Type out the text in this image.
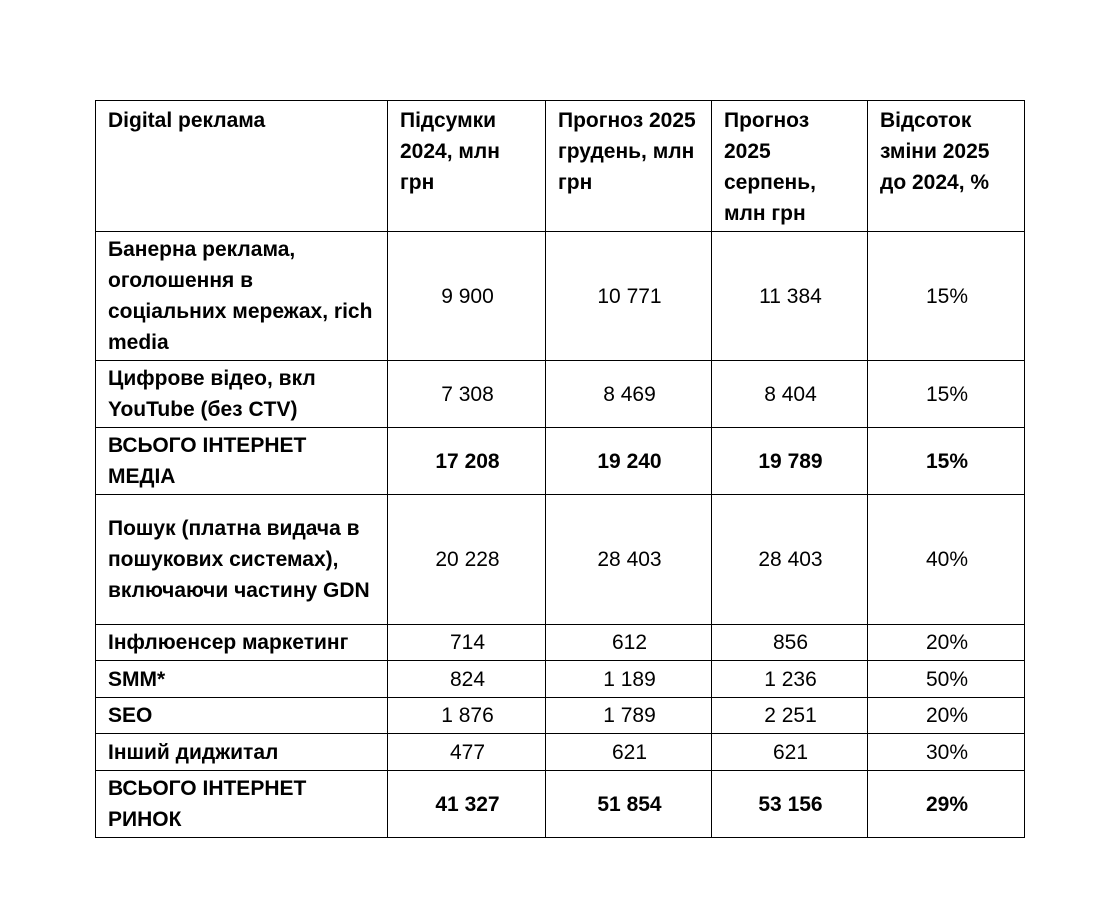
Digital реклама	Підсумки 2024, млн грн	Прогноз 2025 грудень, млн грн	Прогноз 2025 серпень, млн грн	Відсоток зміни 2025 до 2024, %
Банерна реклама, оголошення в соціальних мережах, rich media	9 900	10 771	11 384	15%
Цифрове відео, вкл YouTube (без CTV)	7 308	8 469	8 404	15%
ВСЬОГО ІНТЕРНЕТ МЕДІА	17 208	19 240	19 789	15%
Пошук (платна видача в пошукових системах), включаючи частину GDN	20 228	28 403	28 403	40%
Інфлюенсер маркетинг	714	612	856	20%
SMM*	824	1 189	1 236	50%
SEO	1 876	1 789	2 251	20%
Інший диджитал	477	621	621	30%
ВСЬОГО ІНТЕРНЕТ РИНОК	41 327	51 854	53 156	29%
